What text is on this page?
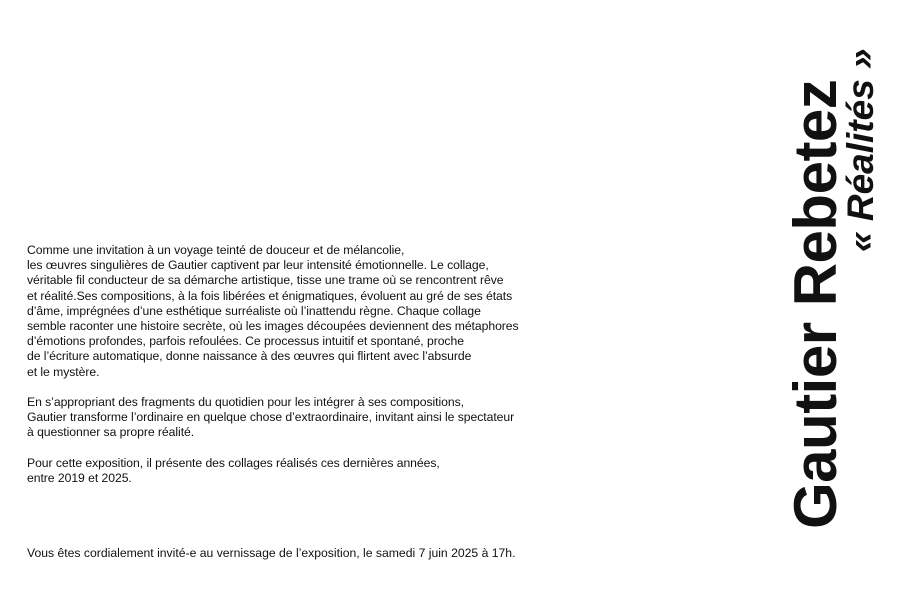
Comme une invitation à un voyage teinté de douceur et de mélancolie,
les œuvres singulières de Gautier captivent par leur intensité émotionnelle. Le collage,
véritable fil conducteur de sa démarche artistique, tisse une trame où se rencontrent rêve
et réalité.Ses compositions, à la fois libérées et énigmatiques, évoluent au gré de ses états
d’âme, imprégnées d’une esthétique surréaliste où l’inattendu règne. Chaque collage
semble raconter une histoire secrète, où les images découpées deviennent des métaphores
d’émotions profondes, parfois refoulées. Ce processus intuitif et spontané, proche
de l’écriture automatique, donne naissance à des œuvres qui flirtent avec l’absurde
et le mystère.

En s’appropriant des fragments du quotidien pour les intégrer à ses compositions,
Gautier transforme l’ordinaire en quelque chose d’extraordinaire, invitant ainsi le spectateur
à questionner sa propre réalité.

Pour cette exposition, il présente des collages réalisés ces dernières années,
entre 2019 et 2025.

Vous êtes cordialement invité-e au vernissage de l’exposition, le samedi 7 juin 2025 à 17h.
Gautier Rebetez
« Réalités »
